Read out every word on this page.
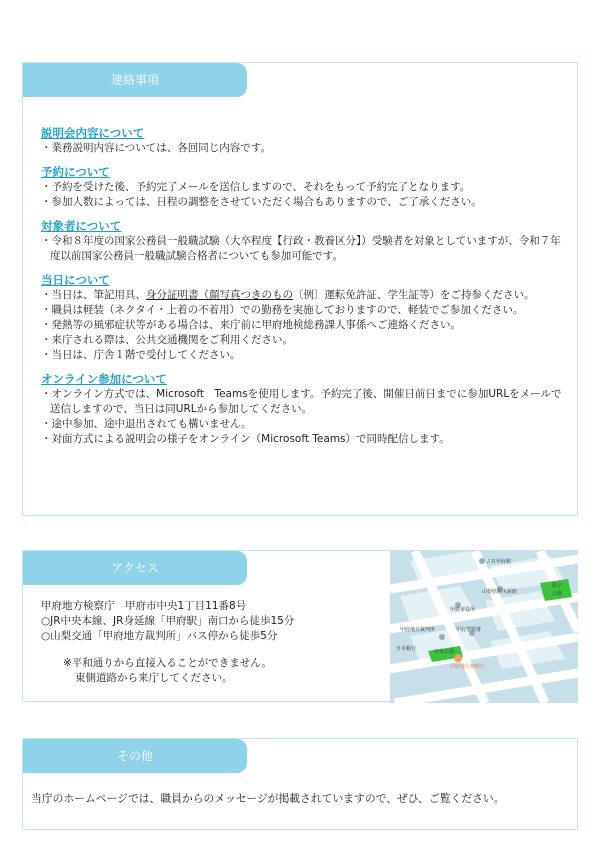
連絡事項
説明会内容について
・業務説明内容については、各回同じ内容です。
予約について
・予約を受けた後、予約完了メールを送信しますので、それをもって予約完了となります。
・参加人数によっては、日程の調整をさせていただく場合もありますので、ご了承ください。
対象者について
・令和８年度の国家公務員一般職試験（大卒程度【行政・教養区分】）受験者を対象としていますが、令和７年度以前国家公務員一般職試験合格者についても参加可能です。
当日について
・当日は、筆記用具、身分証明書（顔写真つきのもの〔例〕運転免許証、学生証等）をご持参ください。
・職員は軽装（ネクタイ・上着の不着用）での勤務を実施しておりますので、軽装でご参加ください。
・発熱等の風邪症状等がある場合は、来庁前に甲府地検総務課人事係へご連絡ください。
・来庁される際は、公共交通機関をご利用ください。
・当日は、庁舎１階で受付してください。
オンライン参加について
・オンライン方式では、Microsoft　Teamsを使用します。予約完了後、開催日前日までに参加URLをメールで送信しますので、当日は同URLから参加してください。
・途中参加、途中退出されても構いません。
・対面方式による説明会の様子をオンライン（Microsoft Teams）で同時配信します。
アクセス
甲府地方検察庁　甲府市中央1丁目11番8号
○JR中央本線、JR身延線「甲府駅」南口から徒歩15分
○山梨交通「甲府地方裁判所」バス停から徒歩5分
※平和通りから直接入ることができません。
東側道路から来庁してください。
ＪＲ甲府駅
山梨県防災新館
県庁
公園
甲府市役所
甲府地方裁判所	甲府警察署
日本銀行	中央公園
甲府地方検察庁
その他
当庁のホームページでは、職員からのメッセージが掲載されていますので、ぜひ、ご覧ください。
